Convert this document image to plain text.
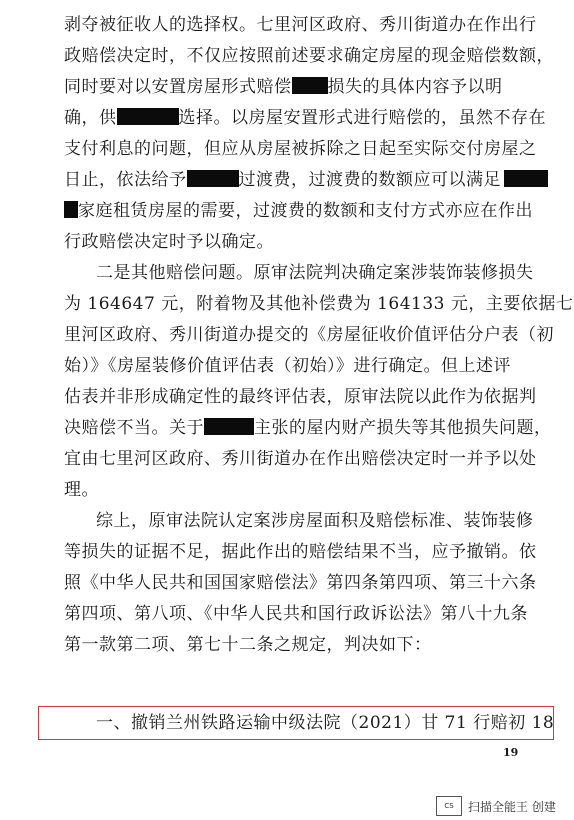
剥夺被征收人的选择权。七里河区政府、秀川街道办在作出行
政赔偿决定时，不仅应按照前述要求确定房屋的现金赔偿数额，
同时要对以安置房屋形式赔偿 损失的具体内容予以明
确，供	选择。以房屋安置形式进行赔偿的，虽然不存在
支付利息的问题，但应从房屋被拆除之日起至实际交付房屋之
日止，依法给予	过渡费，过渡费的数额应可以满足
家庭租赁房屋的需要，过渡费的数额和支付方式亦应在作出
行政赔偿决定时予以确定。
二是其他赔偿问题。原审法院判决确定案涉装饰装修损失
为 164647 元，附着物及其他补偿费为 164133 元，主要依据七
里河区政府、秀川街道办提交的《房屋征收价值评估分户表（初
始）》《房屋装修价值评估表（初始）》进行确定。但上述评
估表并非形成确定性的最终评估表，原审法院以此作为依据判
决赔偿不当。关于	主张的屋内财产损失等其他损失问题，
宜由七里河区政府、秀川街道办在作出赔偿决定时一并予以处
理。
综上，原审法院认定案涉房屋面积及赔偿标准、装饰装修
等损失的证据不足，据此作出的赔偿结果不当，应予撤销。依
照《中华人民共和国国家赔偿法》第四条第四项、第三十六条
第四项、第八项、《中华人民共和国行政诉讼法》第八十九条
第一款第二项、第七十二条之规定，判决如下：
一、撤销兰州铁路运输中级法院（2021）甘 71 行赔初 18
19
CS 扫描全能王 创建
